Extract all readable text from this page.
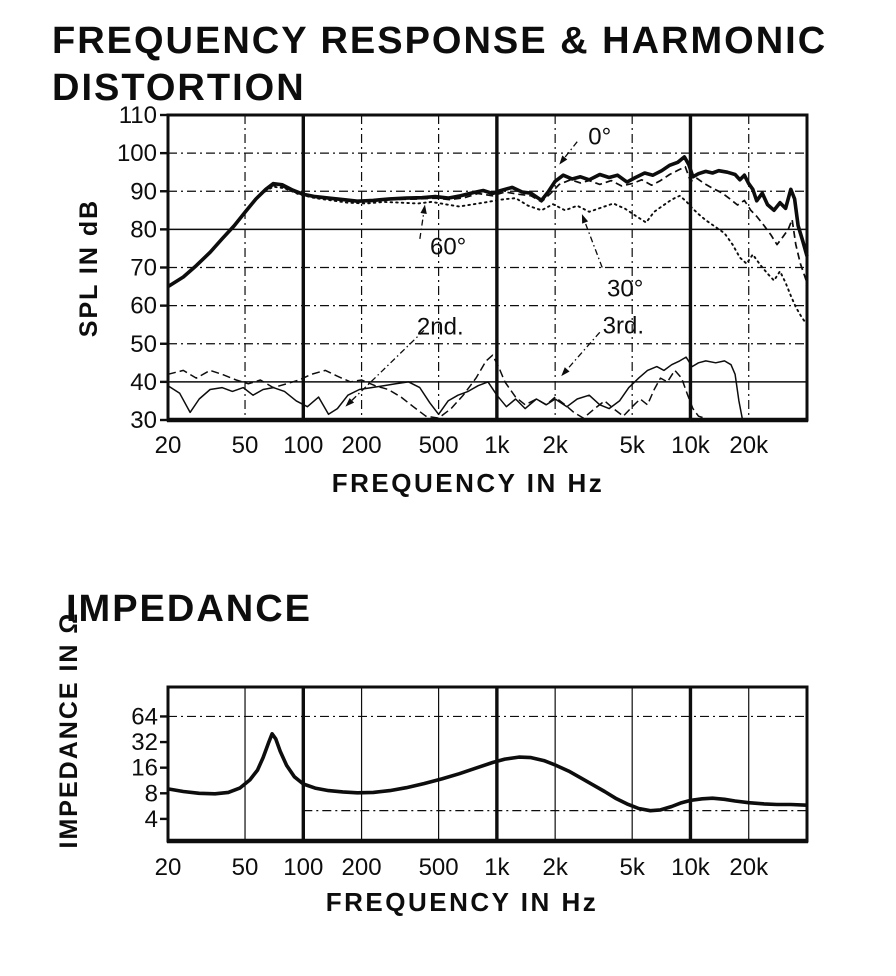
FREQUENCY RESPONSE & HARMONIC
DISTORTION
IMPEDANCE
110
100
90
80
70
60
50
40
30
20 50 100 200 500 1k 2k 5k 10k 20k
FREQUENCY IN Hz
SPL IN dB
0°
60°
30°
2nd.	3rd.
64
32
16
8
4
20 50 100 200 500 1k 2k 5k 10k 20k
FREQUENCY IN Hz
IMPEDANCE IN Ω
